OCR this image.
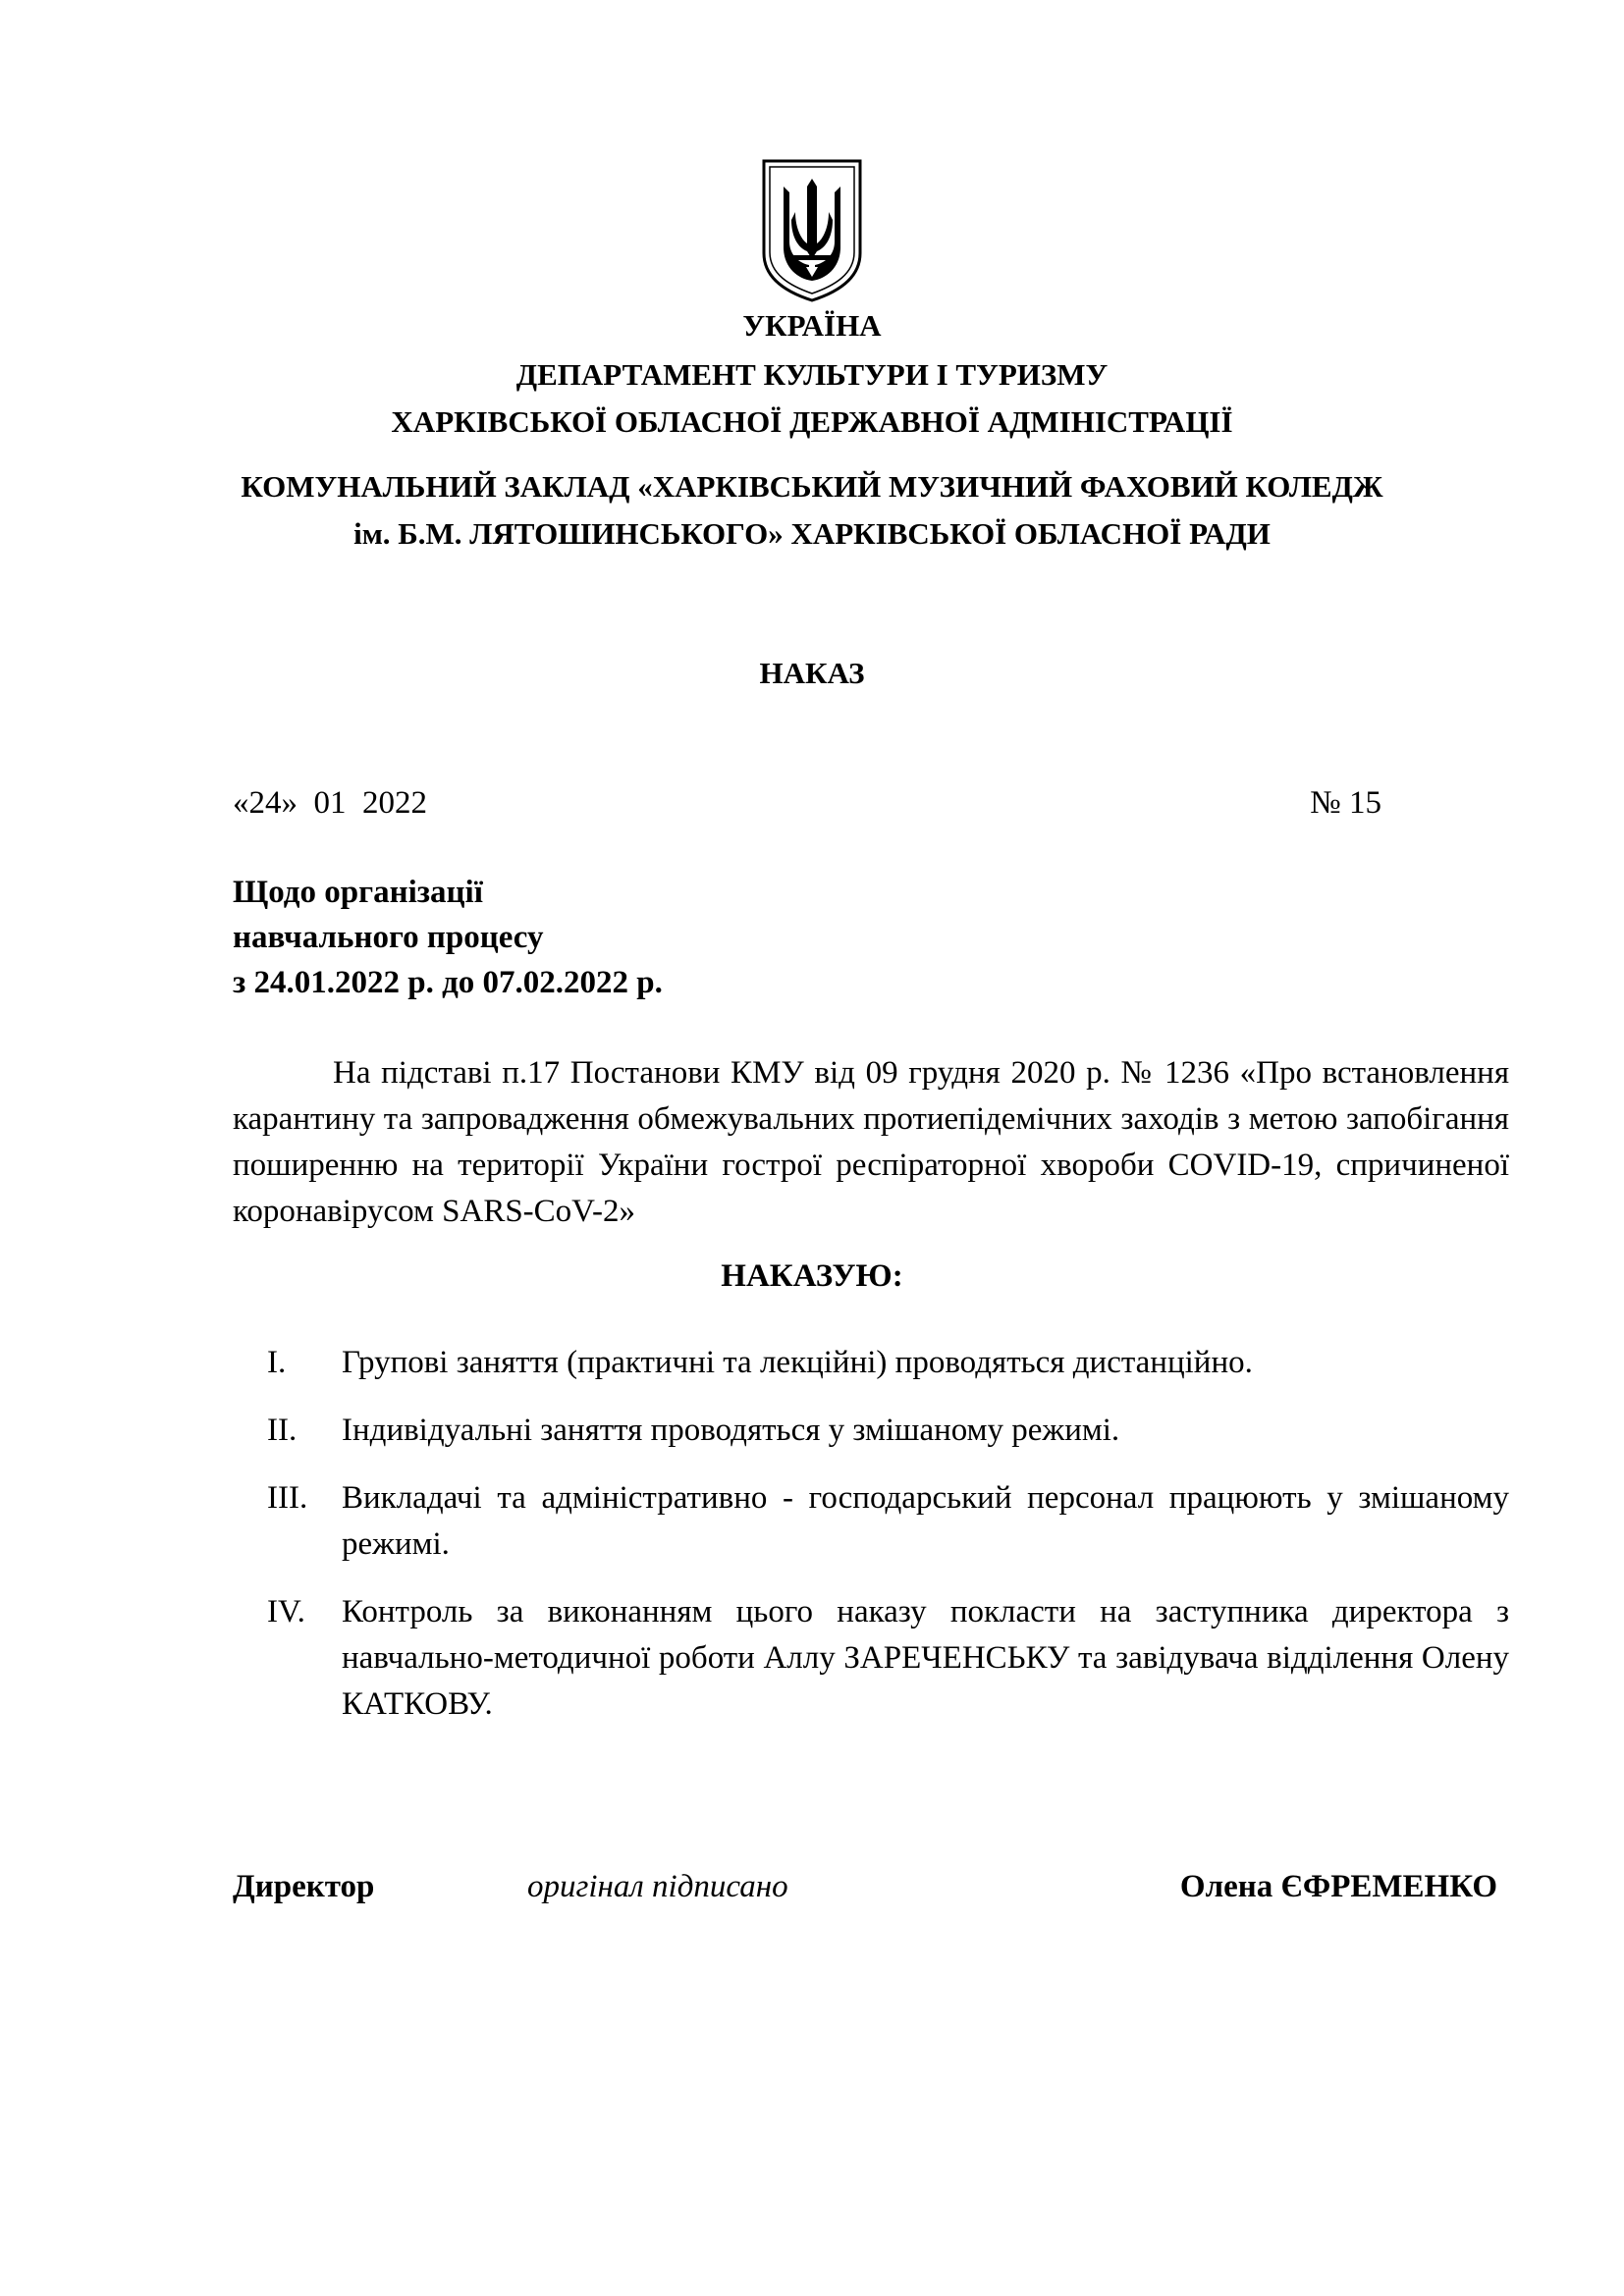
УКРАЇНА
ДЕПАРТАМЕНТ КУЛЬТУРИ І ТУРИЗМУ
ХАРКІВСЬКОЇ ОБЛАСНОЇ ДЕРЖАВНОЇ АДМІНІСТРАЦІЇ
КОМУНАЛЬНИЙ ЗАКЛАД «ХАРКІВСЬКИЙ МУЗИЧНИЙ ФАХОВИЙ КОЛЕДЖ
ім. Б.М. ЛЯТОШИНСЬКОГО» ХАРКІВСЬКОЇ ОБЛАСНОЇ РАДИ
НАКАЗ
«24»  01  2022	№ 15
Щодо організації
навчального процесу
з 24.01.2022 р. до 07.02.2022 р.
На підставі п.17 Постанови КМУ від 09 грудня 2020 р. № 1236 «Про встановлення карантину та запровадження обмежувальних протиепідемічних заходів з метою запобігання поширенню на території України гострої респіраторної хвороби COVID-19, спричиненої коронавірусом SARS-CoV-2»
НАКАЗУЮ:
I. Групові заняття (практичні та лекційні) проводяться дистанційно.
II. Індивідуальні заняття проводяться у змішаному режимі.
III. Викладачі та адміністративно - господарський персонал працюють у змішаному режимі.
IV. Контроль за виконанням цього наказу покласти на заступника директора з навчально-методичної роботи Аллу ЗАРЕЧЕНСЬКУ та завідувача відділення Олену КАТКОВУ.
Директор	оригінал підписано	Олена ЄФРЕМЕНКО
